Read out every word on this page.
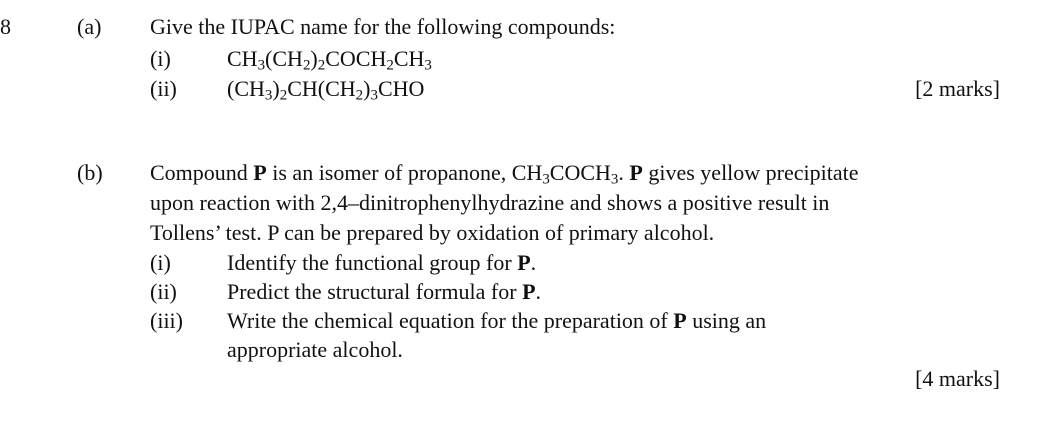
8	(a) Give the IUPAC name for the following compounds:
(i)	$CH_3(CH_2)_2COCH_2CH_3$
(ii) $(CH_3)_2CH(CH_2)_3CHO$	[2 marks]
(b) Compound P is an isomer of propanone, $CH_3COCH_3$. P gives yellow precipitate
upon reaction with 2,4–dinitrophenylhydrazine and shows a positive result in
Tollens’ test. P can be prepared by oxidation of primary alcohol.
(i)	Identify the functional group for P.
(ii) Predict the structural formula for P.
(iii) Write the chemical equation for the preparation of P using an
appropriate alcohol.
[4 marks]
